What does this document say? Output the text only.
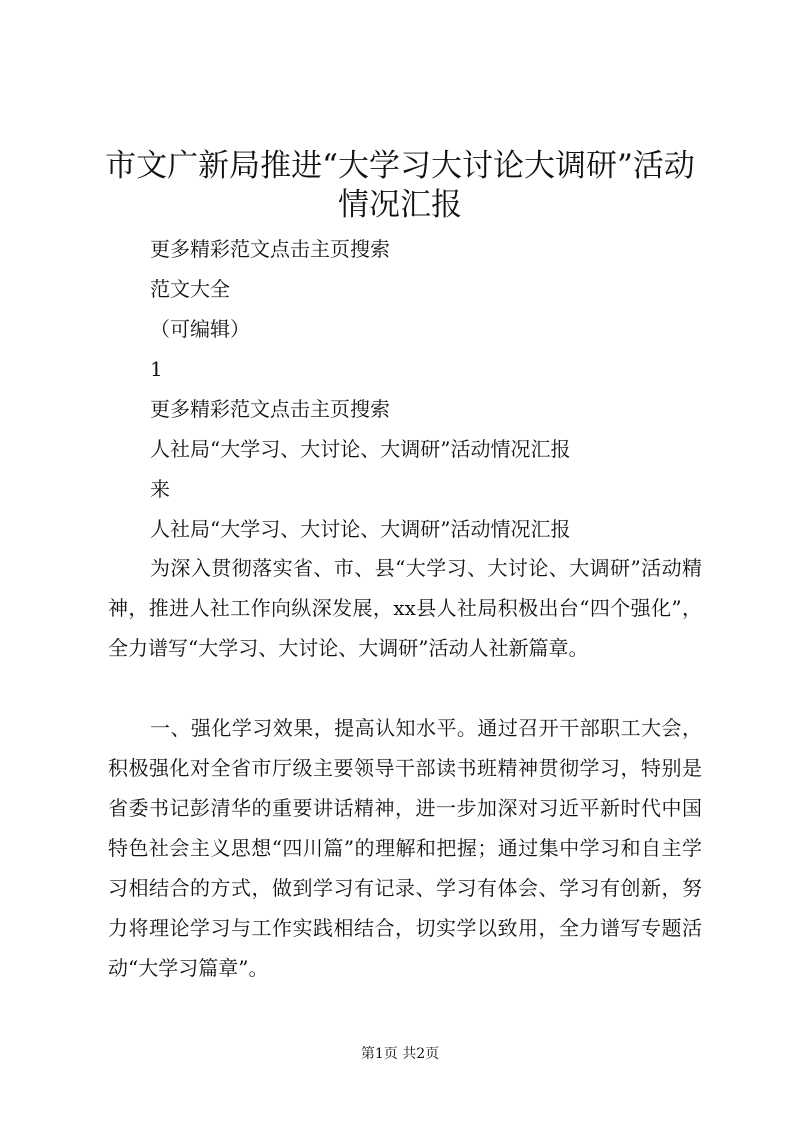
市文广新局推进“大学习大讨论大调研”活动
情况汇报
更多精彩范文点击主页搜索
范文大全
（可编辑）
1
更多精彩范文点击主页搜索
人社局“大学习、大讨论、大调研”活动情况汇报
来
人社局“大学习、大讨论、大调研”活动情况汇报

为深入贯彻落实省、市、县“大学习、大讨论、大调研”活动精神，推进人社工作向纵深发展，xx县人社局积极出台“四个强化”，全力谱写“大学习、大讨论、大调研”活动人社新篇章。

一、强化学习效果，提高认知水平。通过召开干部职工大会，积极强化对全省市厅级主要领导干部读书班精神贯彻学习，特别是省委书记彭清华的重要讲话精神，进一步加深对习近平新时代中国特色社会主义思想“四川篇”的理解和把握；通过集中学习和自主学习相结合的方式，做到学习有记录、学习有体会、学习有创新，努力将理论学习与工作实践相结合，切实学以致用，全力谱写专题活动“大学习篇章”。

第1页 共2页
